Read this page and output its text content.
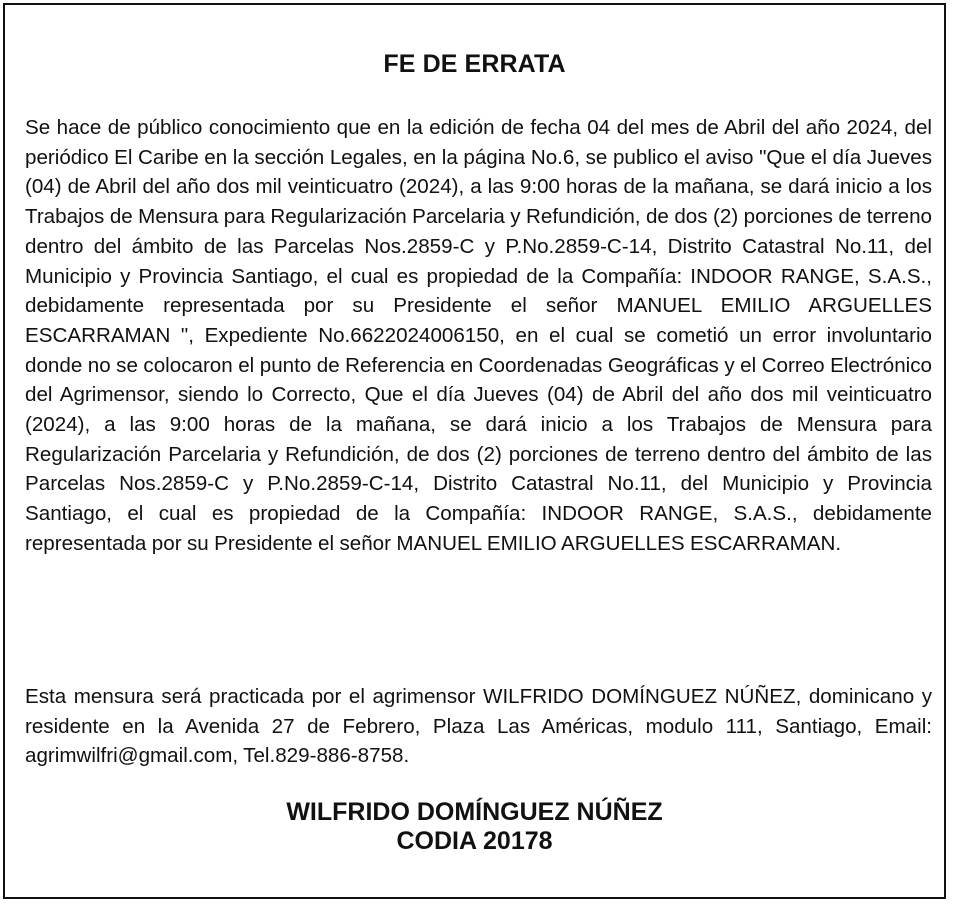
FE DE ERRATA
Se hace de público conocimiento que en la edición de fecha 04 del mes de Abril del año 2024, del periódico El Caribe en la sección Legales, en la página No.6, se publico el aviso "Que el día Jueves (04) de Abril del año dos mil veinticuatro (2024), a las 9:00 horas de la mañana, se dará inicio a los Trabajos de Mensura para Regularización Parcelaria y Refundición, de dos (2) porciones de terreno dentro del ámbito de las Parcelas Nos.2859-C y P.No.2859-C-14, Distrito Catastral No.11, del Municipio y Provincia Santiago, el cual es propiedad de la Compañía: INDOOR RANGE, S.A.S., debidamente representada por su Presidente el señor MANUEL EMILIO ARGUELLES ESCARRAMAN ", Expediente No.6622024006150, en el cual se cometió un error involuntario donde no se colocaron el punto de Referencia en Coordenadas Geográficas y el Correo Electrónico del Agrimensor, siendo lo Correcto, Que el día Jueves (04) de Abril del año dos mil veinticuatro (2024), a las 9:00 horas de la mañana, se dará inicio a los Trabajos de Mensura para Regularización Parcelaria y Refundición, de dos (2) porciones de terreno dentro del ámbito de las Parcelas Nos.2859-C y P.No.2859-C-14, Distrito Catastral No.11, del Municipio y Provincia Santiago, el cual es propiedad de la Compañía: INDOOR RANGE, S.A.S., debidamente representada por su Presidente el señor MANUEL EMILIO ARGUELLES ESCARRAMAN.
Esta mensura será practicada por el agrimensor WILFRIDO DOMÍNGUEZ NÚÑEZ, dominicano y residente en la Avenida 27 de Febrero, Plaza Las Américas, modulo 111, Santiago, Email: agrimwilfri@gmail.com, Tel.829-886-8758.
WILFRIDO DOMÍNGUEZ NÚÑEZ
CODIA 20178
